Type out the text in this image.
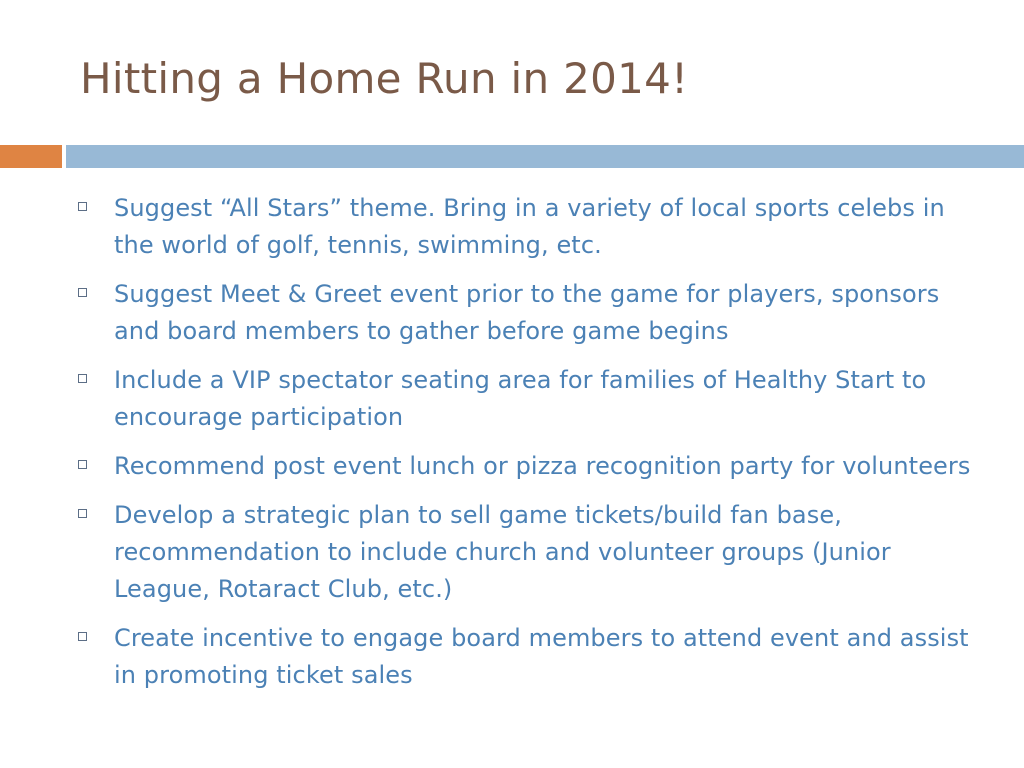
Hitting a Home Run in 2014!
Suggest “All Stars” theme. Bring in a variety of local sports celebs in the world of golf, tennis, swimming, etc.
Suggest Meet & Greet event prior to the game for players, sponsors and board members to gather before game begins
Include a VIP spectator seating area for families of Healthy Start to encourage participation
Recommend post event lunch or pizza recognition party for volunteers
Develop a strategic plan to sell game tickets/build fan base, recommendation to include church and volunteer groups (Junior League, Rotaract Club, etc.)
Create incentive to engage board members to attend event and assist in promoting ticket sales
